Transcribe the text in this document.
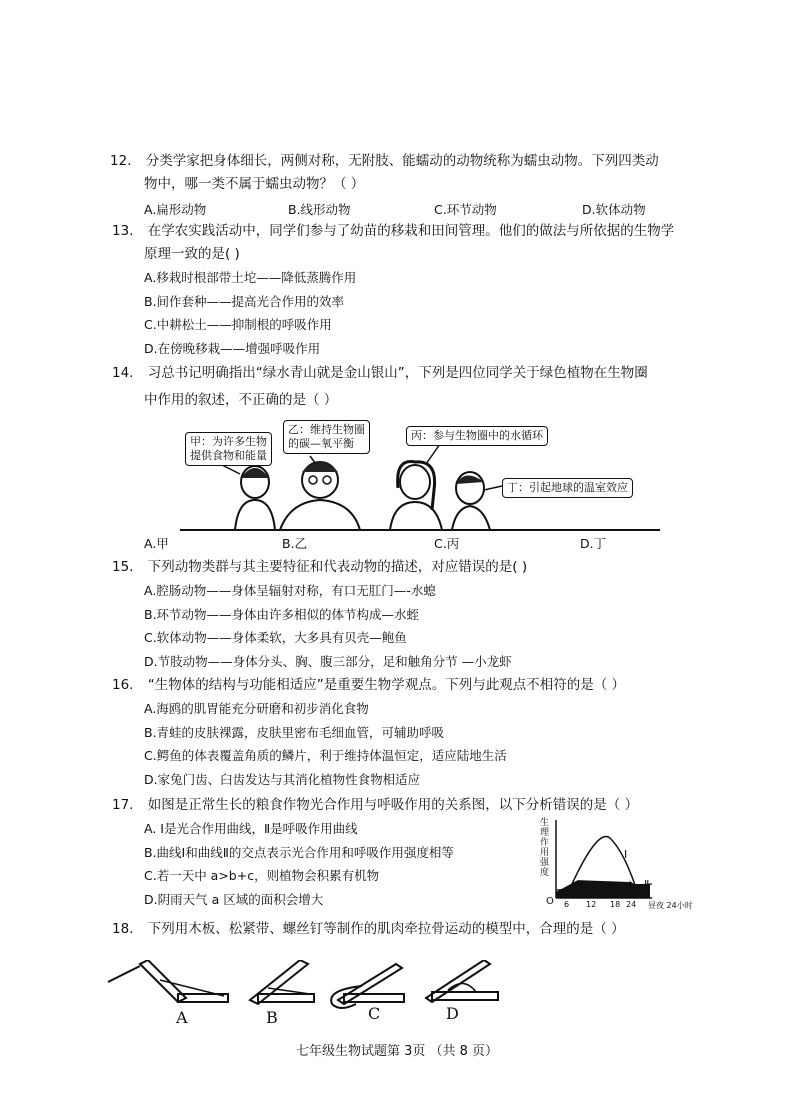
12. 分类学家把身体细长，两侧对称，无附肢、能蠕动的动物统称为蠕虫动物。下列四类动
物中，哪一类不属于蠕虫动物？（ ）
A.扁形动物	B.线形动物	C.环节动物	D.软体动物
13. 在学农实践活动中，同学们参与了幼苗的移栽和田间管理。他们的做法与所依据的生物学
原理一致的是( )
A.移栽时根部带土坨——降低蒸腾作用
B.间作套种——提高光合作用的效率
C.中耕松土——抑制根的呼吸作用
D.在傍晚移栽——增强呼吸作用
14. 习总书记明确指出“绿水青山就是金山银山”，下列是四位同学关于绿色植物在生物圈
中作用的叙述，不正确的是（ ）
甲：为许多生物
提供食物和能量
乙：维持生物圈
的碳—氧平衡
丙：参与生物圈中的水循环
丁：引起地球的温室效应
A.甲	B.乙	C.丙	D.丁
15. 下列动物类群与其主要特征和代表动物的描述，对应错误的是( )
A.腔肠动物——身体呈辐射对称，有口无肛门—-水螅
B.环节动物——身体由许多相似的体节构成—水蛭
C.软体动物——身体柔软，大多具有贝壳—鲍鱼
D.节肢动物——身体分头、胸、腹三部分，足和触角分节 —小龙虾
16. “生物体的结构与功能相适应”是重要生物学观点。下列与此观点不相符的是（ ）
A.海鸥的肌胃能充分研磨和初步消化食物
B.青蛙的皮肤裸露，皮肤里密布毛细血管，可辅助呼吸
C.鳄鱼的体表覆盖角质的鳞片，利于维持体温恒定，适应陆地生活
D.家兔门齿、臼齿发达与其消化植物性食物相适应
17. 如图是正常生长的粮食作物光合作用与呼吸作用的关系图，以下分析错误的是（ ）
A. Ⅰ是光合作用曲线，Ⅱ是呼吸作用曲线
B.曲线Ⅰ和曲线Ⅱ的交点表示光合作用和呼吸作用强度相等
C.若一天中 a>b+c，则植物会积累有机物
D.阴雨天气 a 区域的面积会增大
生
理
作
用
强
度
Ⅰ
Ⅱ
O 6 12 18 24 昼夜 24小时
18. 下列用木板、松紧带、螺丝钉等制作的肌肉牵拉骨运动的模型中，合理的是（ ）
A	B	C	D
七年级生物试题第 3页 （共 8 页）
